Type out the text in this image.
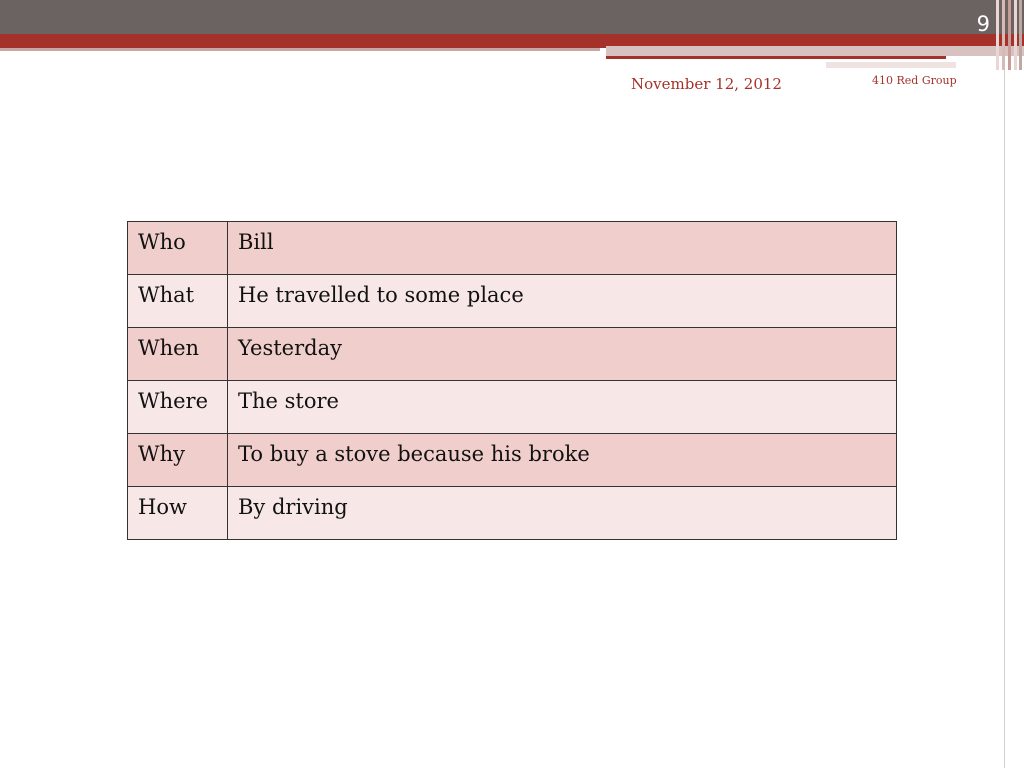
9
November 12, 2012	410 Red Group
Who	Bill
What	He travelled to some place
When	Yesterday
Where	The store
Why	To buy a stove because his broke
How	By driving
